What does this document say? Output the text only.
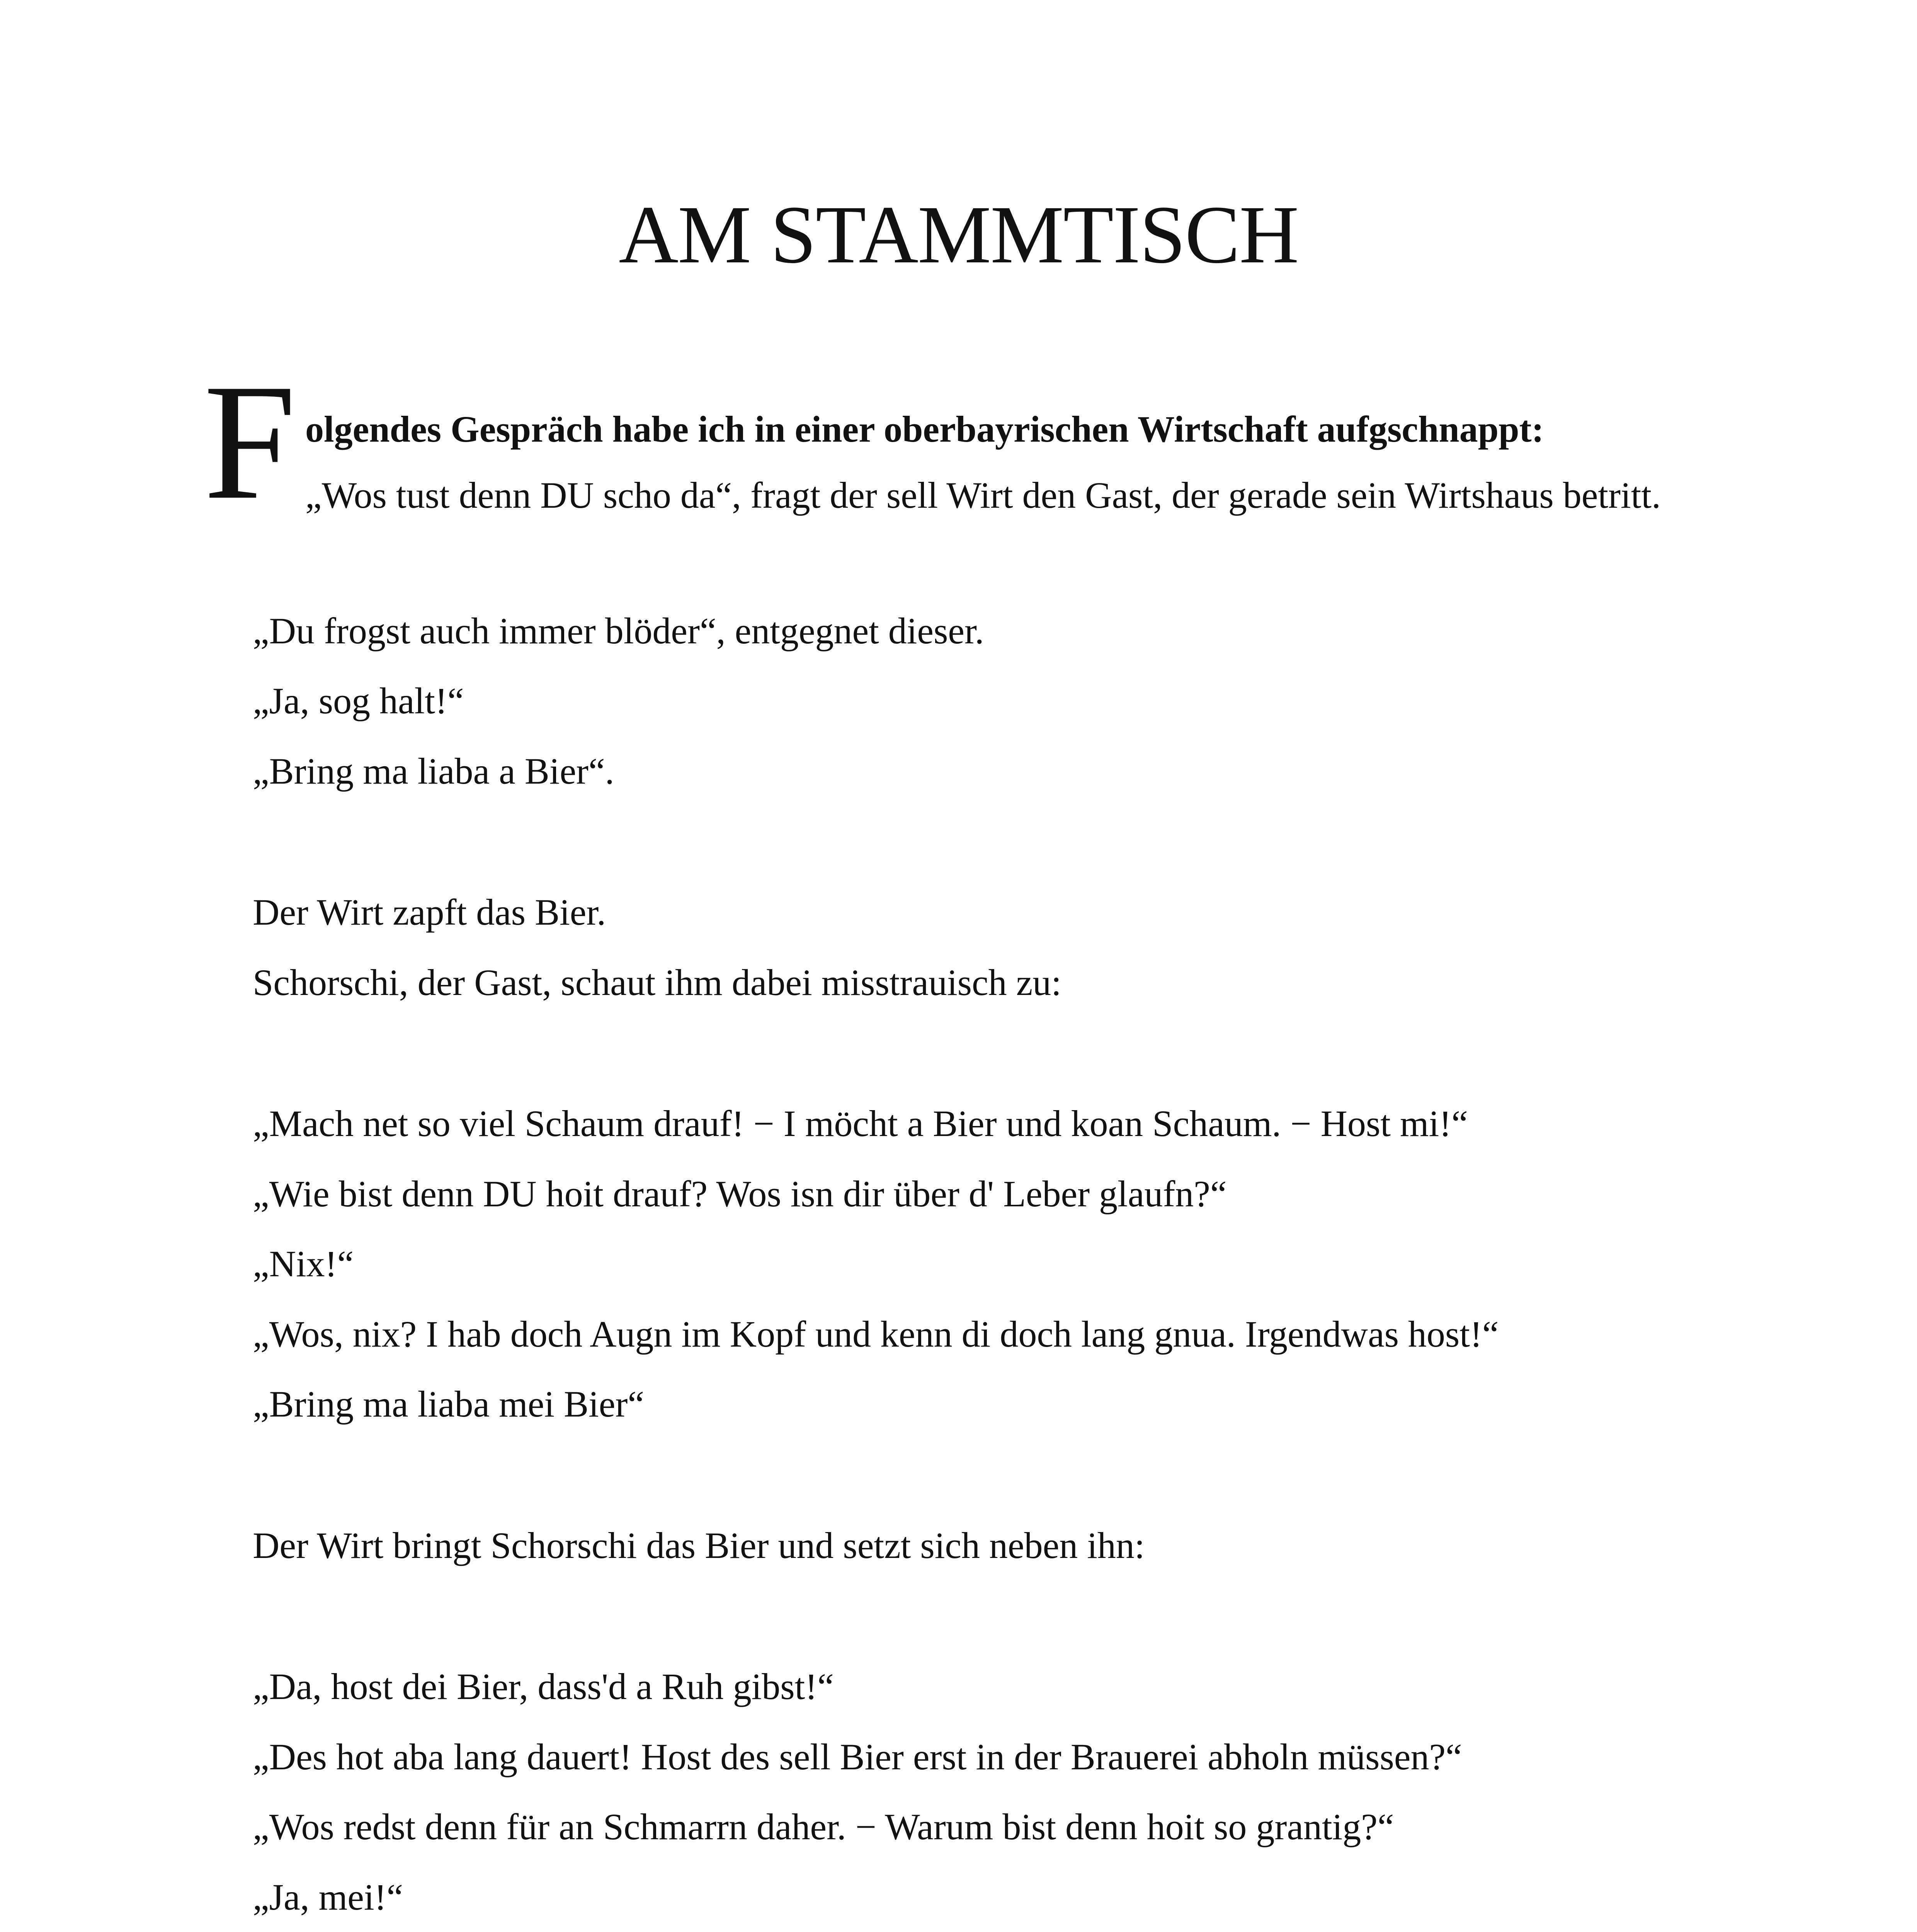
AM STAMMTISCH
F olgendes Gespräch habe ich in einer oberbayrischen Wirtschaft aufgschnappt:
„Wos tust denn DU scho da“, fragt der sell Wirt den Gast, der gerade sein Wirtshaus betritt.
„Du frogst auch immer blöder“, entgegnet dieser.
„Ja, sog halt!“
„Bring ma liaba a Bier“.
Der Wirt zapft das Bier.
Schorschi, der Gast, schaut ihm dabei misstrauisch zu:
„Mach net so viel Schaum drauf! − I möcht a Bier und koan Schaum. − Host mi!“
„Wie bist denn DU hoit drauf? Wos isn dir über d' Leber glaufn?“
„Nix!“
„Wos, nix? I hab doch Augn im Kopf und kenn di doch lang gnua. Irgendwas host!“
„Bring ma liaba mei Bier“
Der Wirt bringt Schorschi das Bier und setzt sich neben ihn:
„Da, host dei Bier, dass'd a Ruh gibst!“
„Des hot aba lang dauert! Host des sell Bier erst in der Brauerei abholn müssen?“
„Wos redst denn für an Schmarrn daher. − Warum bist denn hoit so grantig?“
„Ja, mei!“
